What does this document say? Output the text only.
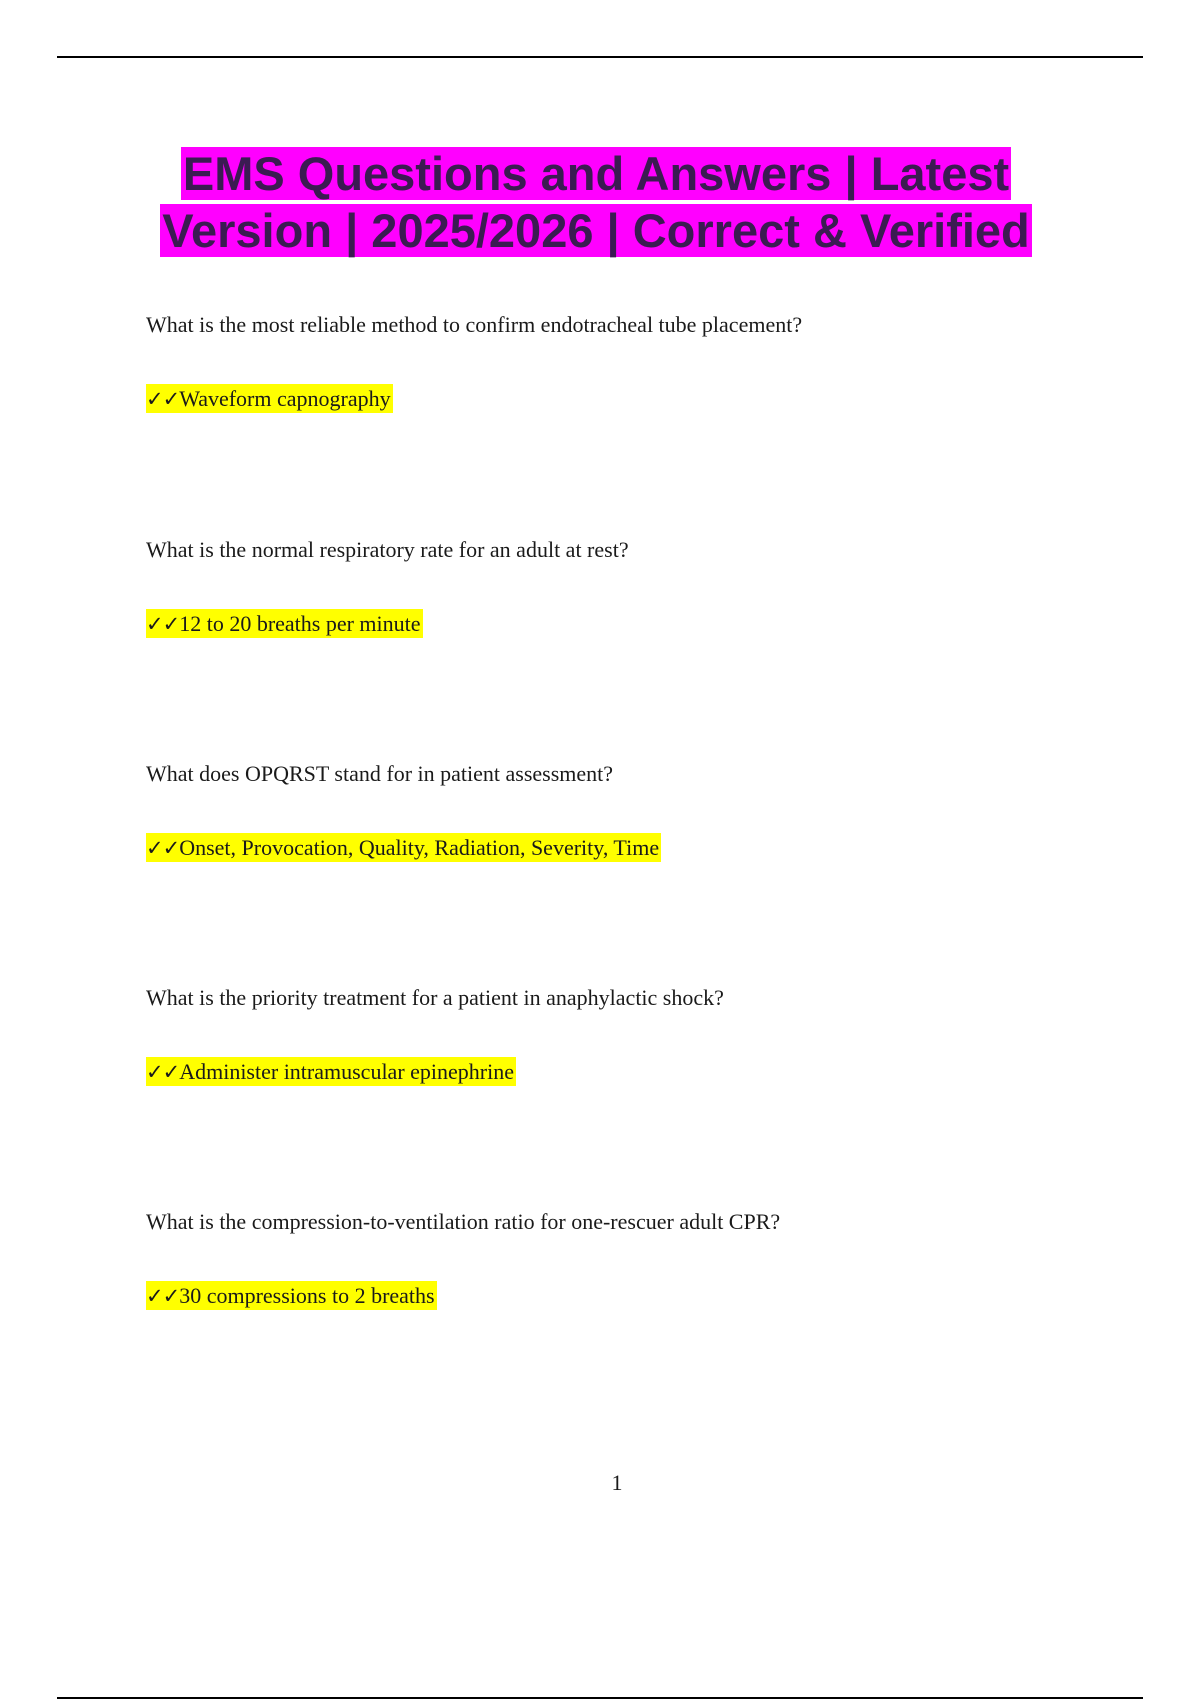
EMS Questions and Answers | Latest Version | 2025/2026 | Correct & Verified

What is the most reliable method to confirm endotracheal tube placement?

✓✓Waveform capnography

What is the normal respiratory rate for an adult at rest?

✓✓12 to 20 breaths per minute

What does OPQRST stand for in patient assessment?

✓✓Onset, Provocation, Quality, Radiation, Severity, Time

What is the priority treatment for a patient in anaphylactic shock?

✓✓Administer intramuscular epinephrine

What is the compression-to-ventilation ratio for one-rescuer adult CPR?

✓✓30 compressions to 2 breaths

1
